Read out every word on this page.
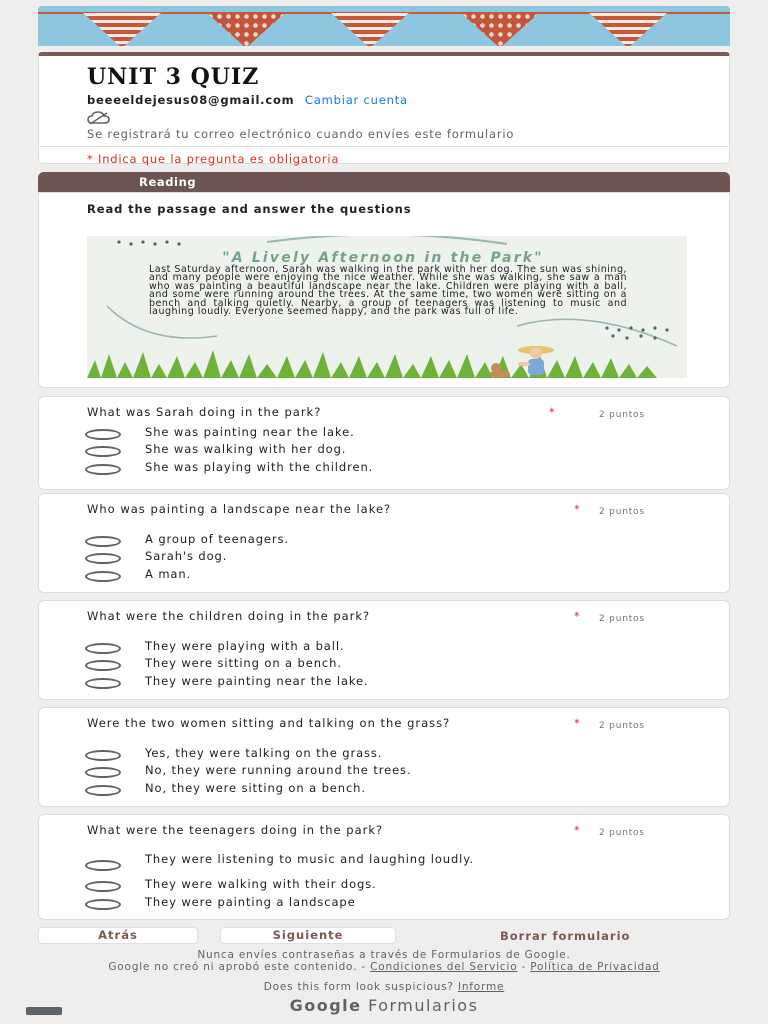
UNIT 3 QUIZ
beeeeldejesus08@gmail.com Cambiar cuenta
Se registrará tu correo electrónico cuando envíes este formulario
* Indica que la pregunta es obligatoria
Reading
Read the passage and answer the questions
"A Lively Afternoon in the Park"
Last Saturday afternoon, Sarah was walking in the park with her dog. The sun was shining, and many people were enjoying the nice weather. While she was walking, she saw a man who was painting a beautiful landscape near the lake. Children were playing with a ball, and some were running around the trees. At the same time, two women were sitting on a bench and talking quietly. Nearby, a group of teenagers was listening to music and laughing loudly. Everyone seemed happy, and the park was full of life.
What was Sarah doing in the park?	*	2 puntos
She was painting near the lake.
She was walking with her dog.
She was playing with the children.
Who was painting a landscape near the lake?	* 2 puntos
A group of teenagers.
Sarah's dog.
A man.
What were the children doing in the park?	* 2 puntos
They were playing with a ball.
They were sitting on a bench.
They were painting near the lake.
Were the two women sitting and talking on the grass?	* 2 puntos
Yes, they were talking on the grass.
No, they were running around the trees.
No, they were sitting on a bench.
What were the teenagers doing in the park?	* 2 puntos
They were listening to music and laughing loudly.
They were walking with their dogs.
They were painting a landscape
Atrás	Siguiente	Borrar formulario
Nunca envíes contraseñas a través de Formularios de Google.
Google no creó ni aprobó este contenido. - Condiciones del Servicio - Política de Privacidad
Does this form look suspicious? Informe
Google Formularios
